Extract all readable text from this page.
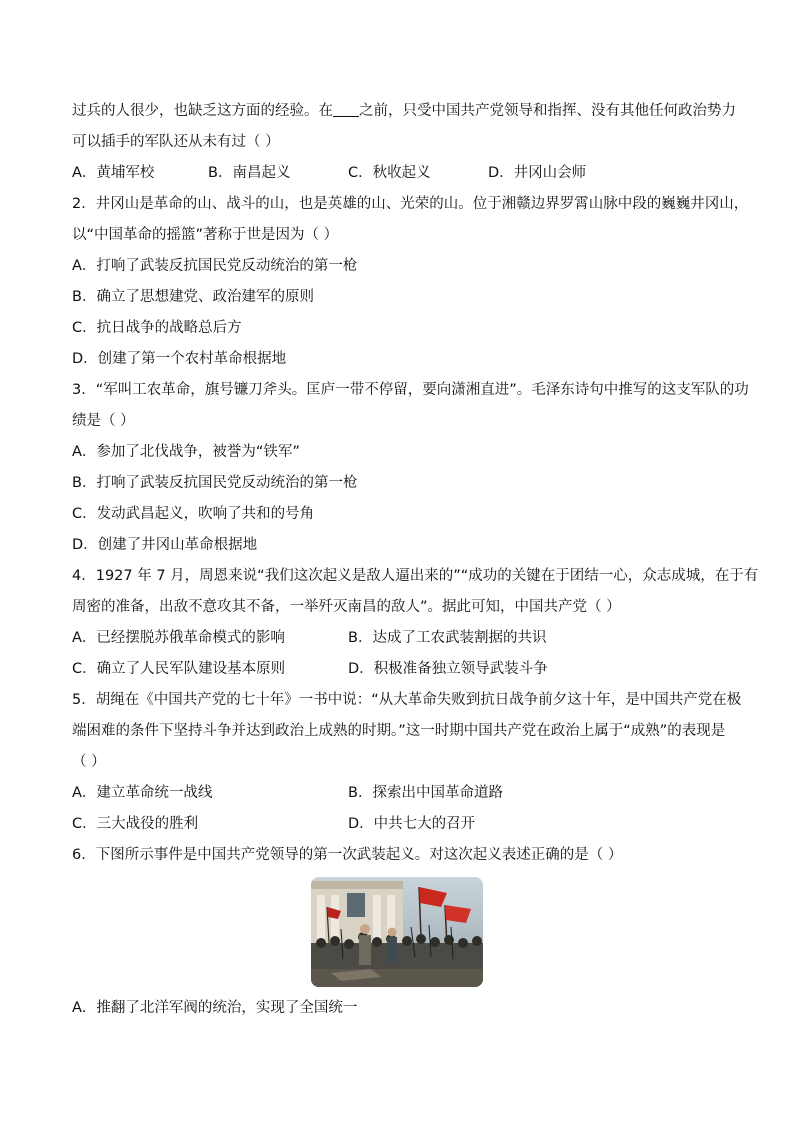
过兵的人很少，也缺乏这方面的经验。在 之前，只受中国共产党领导和指挥、没有其他任何政治势力
可以插手的军队还从未有过（ ）
A．黄埔军校	B．南昌起义	C．秋收起义	D．井冈山会师
2．井冈山是革命的山、战斗的山，也是英雄的山、光荣的山。位于湘赣边界罗霄山脉中段的巍巍井冈山，
以“中国革命的摇篮”著称于世是因为（ ）
A．打响了武装反抗国民党反动统治的第一枪
B．确立了思想建党、政治建军的原则
C．抗日战争的战略总后方
D．创建了第一个农村革命根据地
3．“军叫工农革命，旗号镰刀斧头。匡庐一带不停留，要向潇湘直进”。毛泽东诗句中推写的这支军队的功
绩是（ ）
A．参加了北伐战争，被誉为“铁军”
B．打响了武装反抗国民党反动统治的第一枪
C．发动武昌起义，吹响了共和的号角
D．创建了井冈山革命根据地
4．1927 年 7 月，周恩来说“我们这次起义是敌人逼出来的”“成功的关键在于团结一心，众志成城，在于有
周密的准备，出敌不意攻其不备，一举歼灭南昌的敌人”。据此可知，中国共产党（ ）
A．已经摆脱苏俄革命模式的影响	B．达成了工农武装割据的共识
C．确立了人民军队建设基本原则	D．积极准备独立领导武装斗争
5．胡绳在《中国共产党的七十年》一书中说：“从大革命失败到抗日战争前夕这十年，是中国共产党在极
端困难的条件下坚持斗争并达到政治上成熟的时期。”这一时期中国共产党在政治上属于“成熟”的表现是
（ ）
A．建立革命统一战线	B．探索出中国革命道路
C．三大战役的胜利	D．中共七大的召开
6．下图所示事件是中国共产党领导的第一次武装起义。对这次起义表述正确的是（ ）
A．推翻了北洋军阀的统治，实现了全国统一
